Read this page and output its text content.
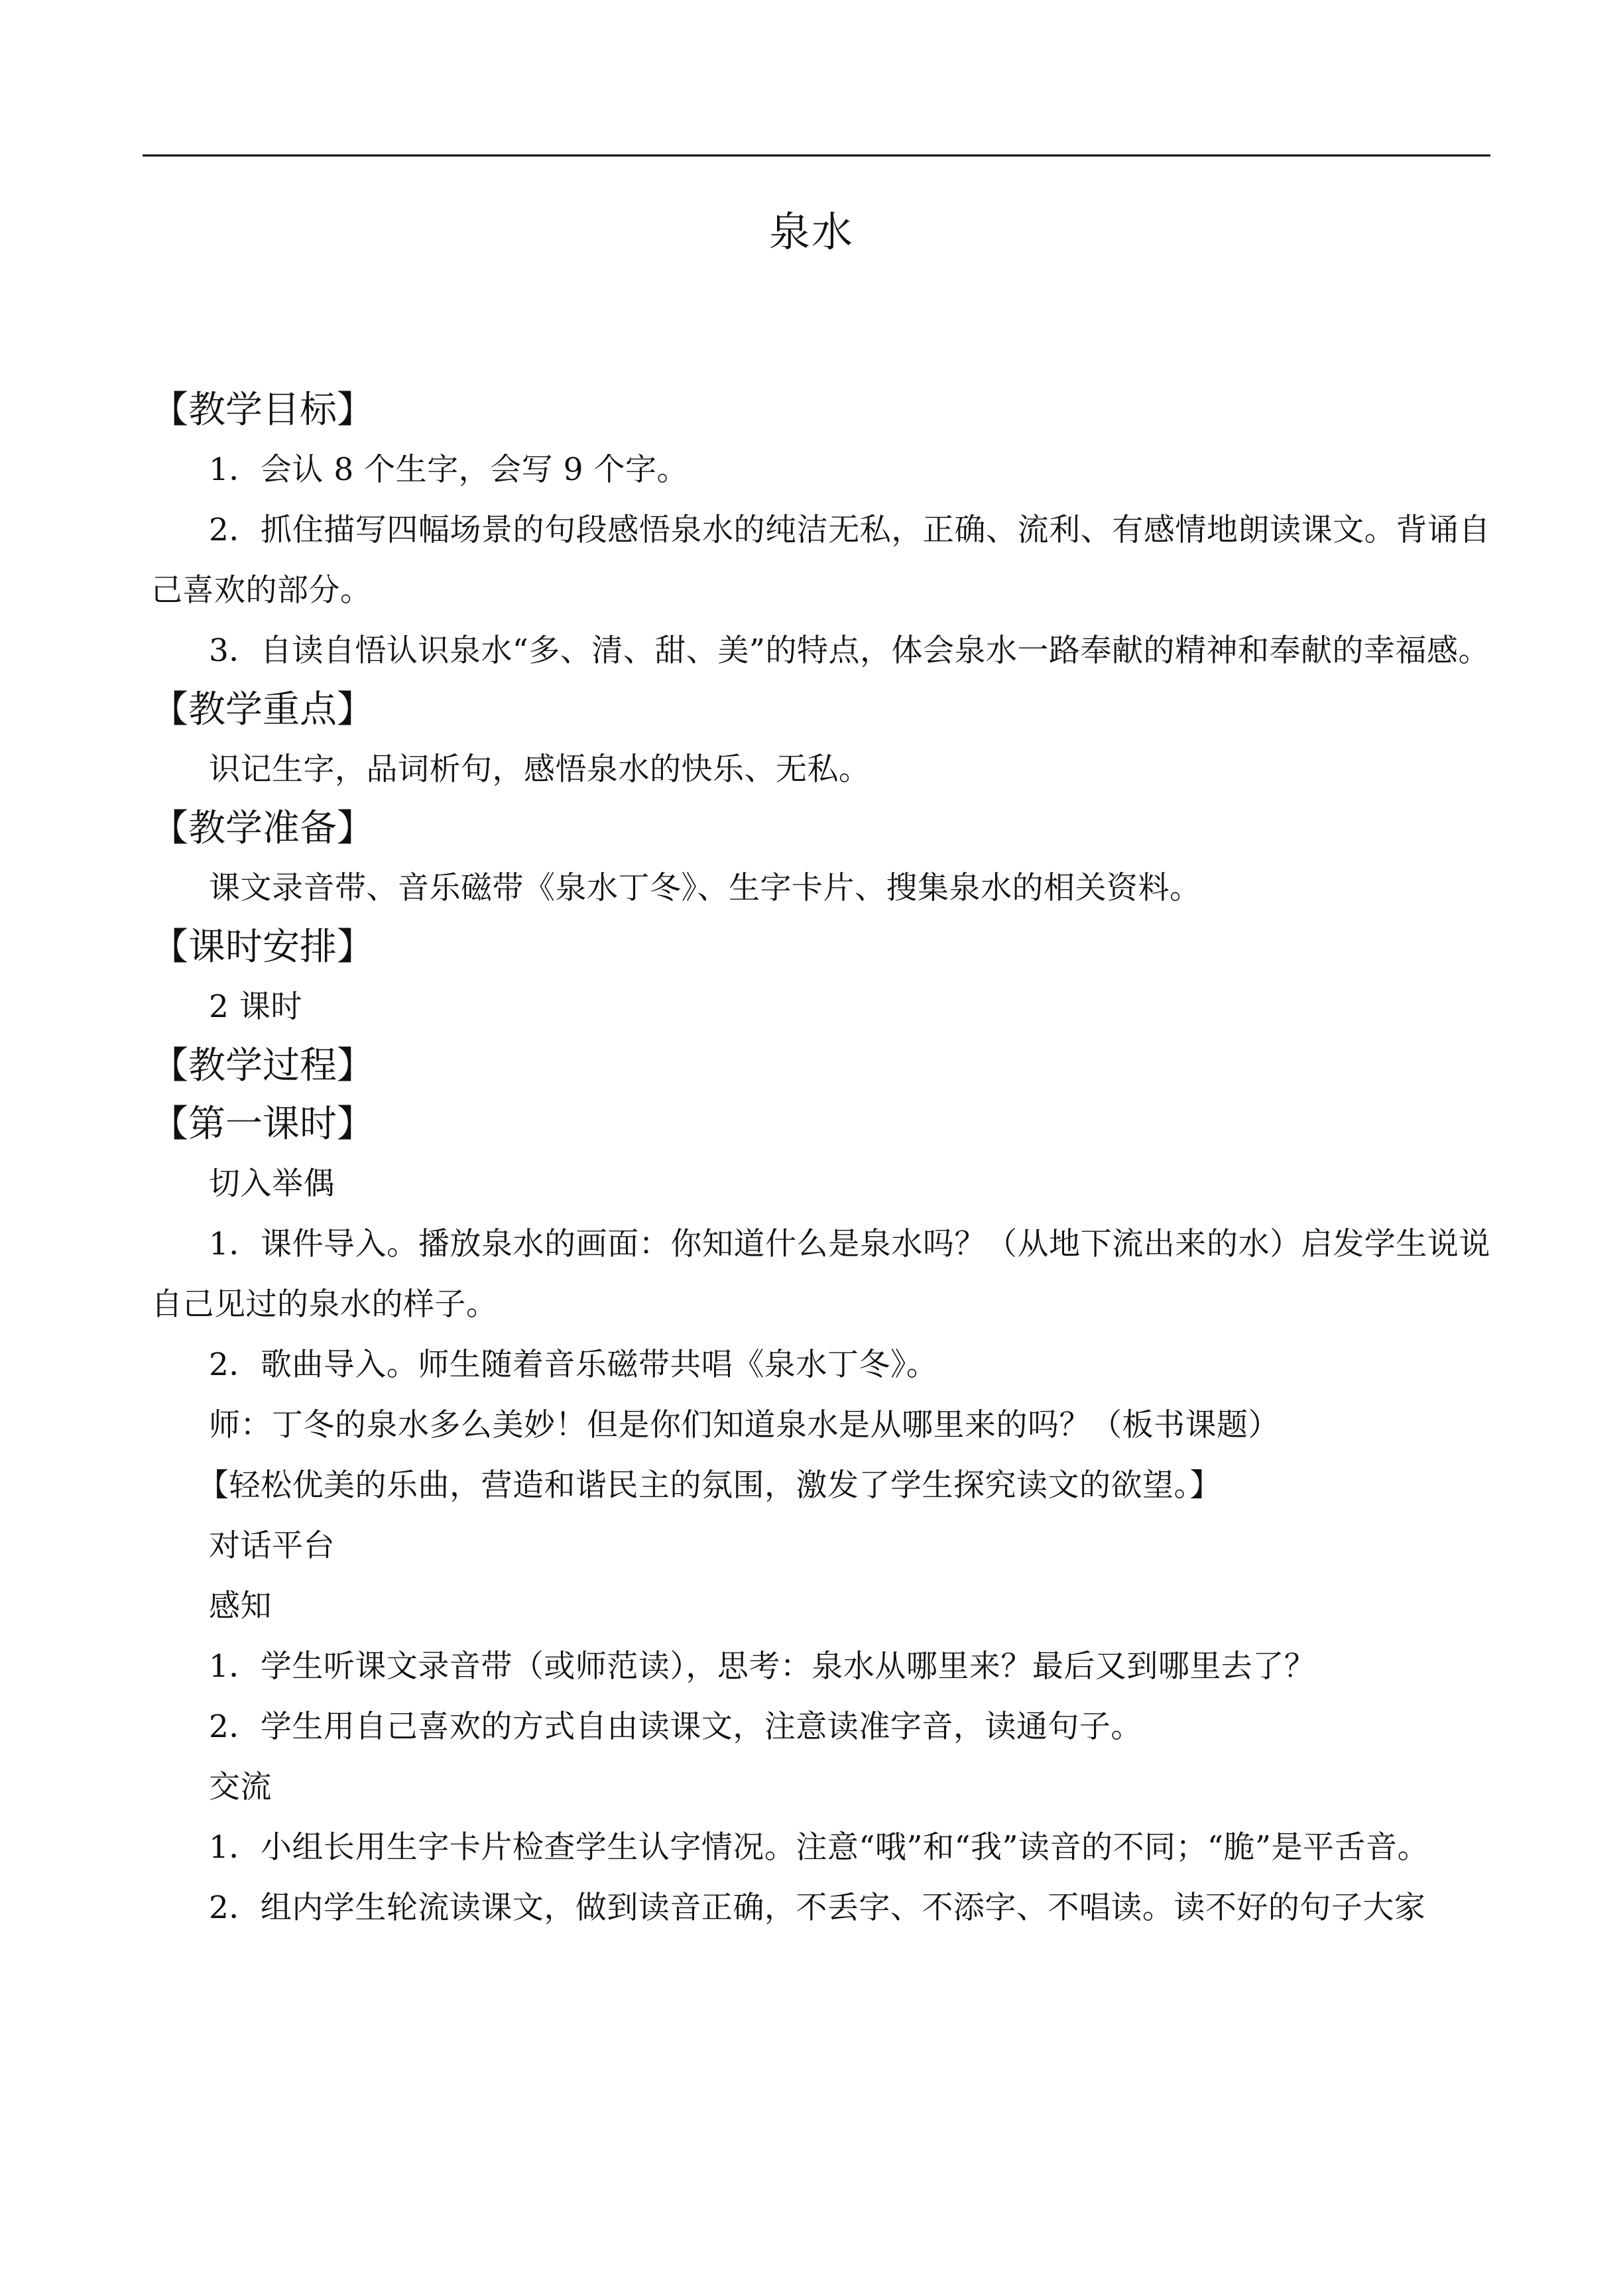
泉水
【教学目标】

1．会认 8 个生字，会写 9 个字。

2．抓住描写四幅场景的句段感悟泉水的纯洁无私，正确、流利、有感情地朗读课文。背诵自己喜欢的部分。

3．自读自悟认识泉水“多、清、甜、美”的特点，体会泉水一路奉献的精神和奉献的幸福感。

【教学重点】

识记生字，品词析句，感悟泉水的快乐、无私。

【教学准备】

课文录音带、音乐磁带《泉水丁冬》、生字卡片、搜集泉水的相关资料。

【课时安排】

2 课时

【教学过程】
【第一课时】

切入举偶

1．课件导入。播放泉水的画面：你知道什么是泉水吗？（从地下流出来的水）启发学生说说自己见过的泉水的样子。

2．歌曲导入。师生随着音乐磁带共唱《泉水丁冬》。

师：丁冬的泉水多么美妙！但是你们知道泉水是从哪里来的吗？（板书课题）

【轻松优美的乐曲，营造和谐民主的氛围，激发了学生探究读文的欲望。】

对话平台

感知

1．学生听课文录音带（或师范读），思考：泉水从哪里来？最后又到哪里去了？

2．学生用自己喜欢的方式自由读课文，注意读准字音，读通句子。

交流

1．小组长用生字卡片检查学生认字情况。注意“哦”和“我”读音的不同；“脆”是平舌音。

2．组内学生轮流读课文，做到读音正确，不丢字、不添字、不唱读。读不好的句子大家
